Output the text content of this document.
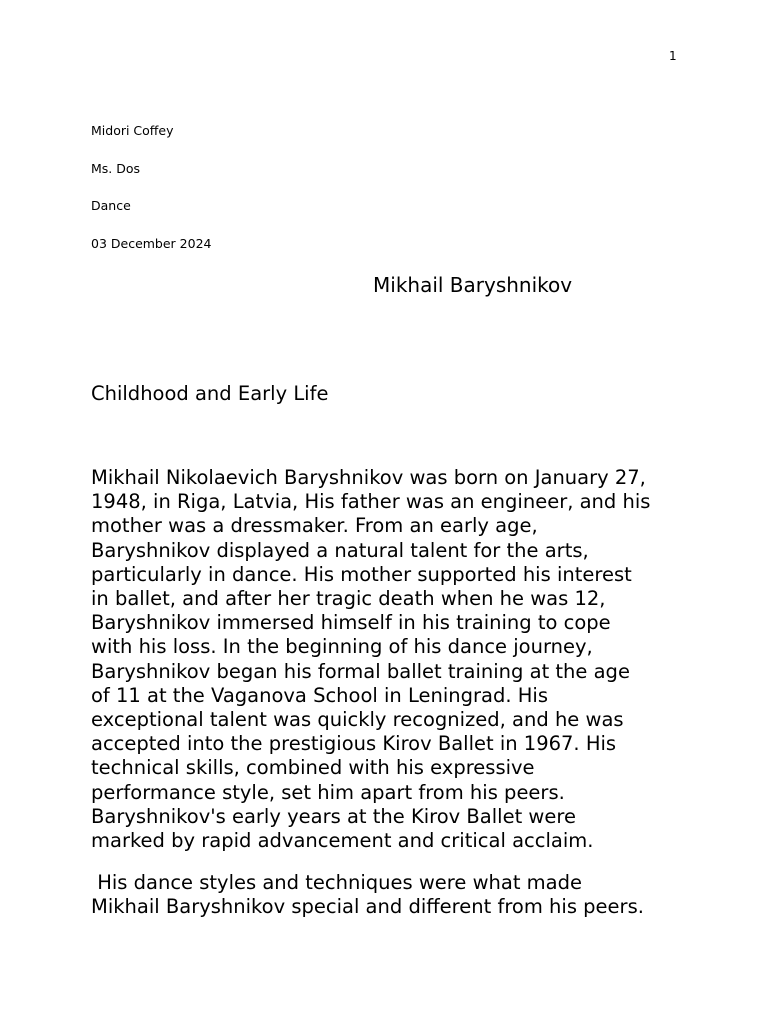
1
Midori Coffey
Ms. Dos
Dance
03 December 2024
Mikhail Baryshnikov
Childhood and Early Life

Mikhail Nikolaevich Baryshnikov was born on January 27,
1948, in Riga, Latvia, His father was an engineer, and his
mother was a dressmaker. From an early age,
Baryshnikov displayed a natural talent for the arts,
particularly in dance. His mother supported his interest
in ballet, and after her tragic death when he was 12,
Baryshnikov immersed himself in his training to cope
with his loss. In the beginning of his dance journey,
Baryshnikov began his formal ballet training at the age
of 11 at the Vaganova School in Leningrad. His
exceptional talent was quickly recognized, and he was
accepted into the prestigious Kirov Ballet in 1967. His
technical skills, combined with his expressive
performance style, set him apart from his peers.
Baryshnikov's early years at the Kirov Ballet were
marked by rapid advancement and critical acclaim.

His dance styles and techniques were what made
Mikhail Baryshnikov special and different from his peers.
